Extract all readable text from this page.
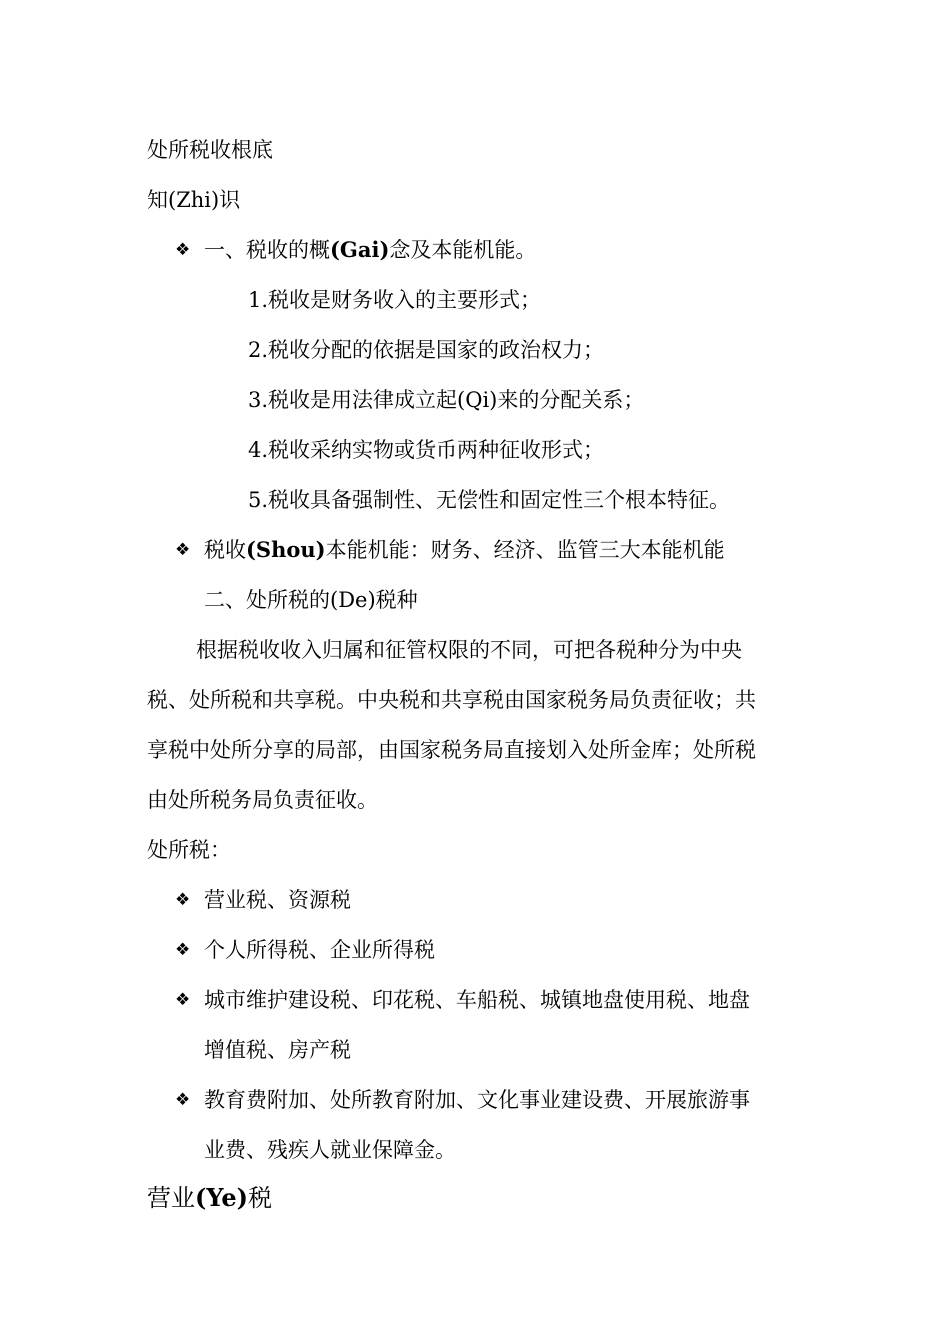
处所税收根底
知(Zhi)识
❖ 一、税收的概(Gai)念及本能机能。
1.税收是财务收入的主要形式；
2.税收分配的依据是国家的政治权力；
3.税收是用法律成立起(Qi)来的分配关系；
4.税收采纳实物或货币两种征收形式；
5.税收具备强制性、无偿性和固定性三个根本特征。
❖ 税收(Shou)本能机能：财务、经济、监管三大本能机能
二、处所税的(De)税种
根据税收收入归属和征管权限的不同，可把各税种分为中央
税、处所税和共享税。中央税和共享税由国家税务局负责征收；共
享税中处所分享的局部，由国家税务局直接划入处所金库；处所税
由处所税务局负责征收。
处所税：
❖ 营业税、资源税
❖ 个人所得税、企业所得税
❖ 城市维护建设税、印花税、车船税、城镇地盘使用税、地盘
增值税、房产税
❖ 教育费附加、处所教育附加、文化事业建设费、开展旅游事
业费、残疾人就业保障金。
营业(Ye)税
